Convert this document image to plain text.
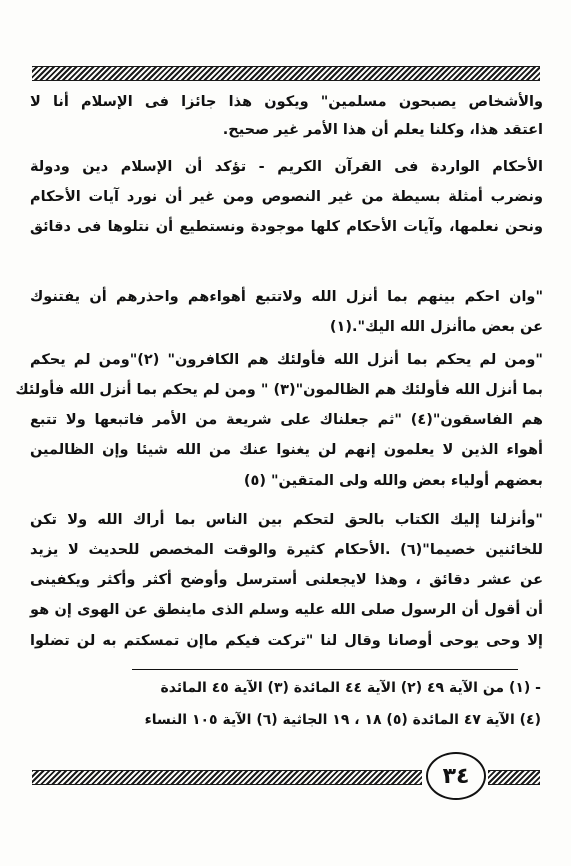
والأشخاص يصبحون مسلمين" ويكون هذا جائزا فى الإسلام أنا لا
اعتقد هذا، وكلنا يعلم أن هذا الأمر غير صحيح.
الأحكام الواردة فى القرآن الكريم - تؤكد أن الإسلام دين ودولة
ونضرب أمثلة بسيطة من غير النصوص ومن غير أن نورد آيات الأحكام
ونحن نعلمها، وآيات الأحكام كلها موجودة ونستطيع أن نتلوها فى دقائق
"وان احكم بينهم بما أنزل الله ولاتتبع أهواءهم واحذرهم أن يفتنوك
عن بعض ماأنزل الله اليك".(١)
"ومن لم يحكم بما أنزل الله فأولئك هم الكافرون" (٢)"ومن لم يحكم
بما أنزل الله فأولئك هم الظالمون"(٣) " ومن لم يحكم بما أنزل الله فأولئك
هم الفاسقون"(٤) "ثم جعلناك على شريعة من الأمر فاتبعها ولا تتبع
أهواء الذين لا يعلمون إنهم لن يغنوا عنك من الله شيئا وإن الظالمين
بعضهم أولياء بعض والله ولى المتقين" (٥)
"وأنزلنا إليك الكتاب بالحق لتحكم بين الناس بما أراك الله ولا تكن
للخائنين خصيما"(٦) .الأحكام كثيرة والوقت المخصص للحديث لا يزيد
عن عشر دقائق ، وهذا لايجعلنى أسترسل وأوضح أكثر وأكثر ويكفينى
أن أقول أن الرسول صلى الله عليه وسلم الذى ماينطق عن الهوى إن هو
إلا وحى يوحى أوصانا وقال لنا "تركت فيكم ماإن تمسكتم به لن تضلوا
- (١) من الآية ٤٩ (٢) الآية ٤٤ المائدة (٣) الآية ٤٥ المائدة
(٤) الآية ٤٧ المائدة (٥) ١٨ ، ١٩ الجاثية (٦) الآية ١٠٥ النساء
٣٤
